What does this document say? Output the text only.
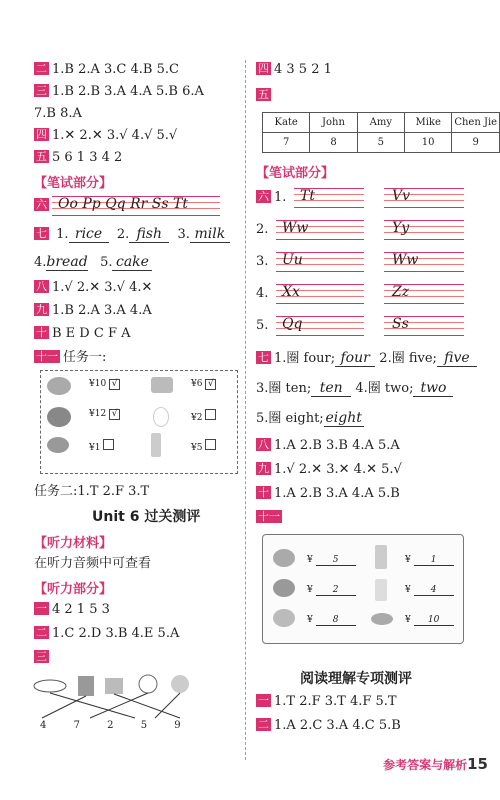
二 1.B 2.A 3.C 4.B 5.C
三 1.B 2.B 3.A 4.A 5.B 6.A
7.B 8.A
四 1.✕ 2.✕ 3.√ 4.√ 5.√
五 5 6 1 3 4 2
【笔试部分】
六 Oo Pp Qq Rr Ss Tt
七 1. rice 2. fish 3. milk
4.bread 5. cake
八 1.√ 2.✕ 3.√ 4.✕
九 1.B 2.A 3.A 4.A
十 B E D C F A
十一 任务一:
¥10 √	¥6 √
¥12 √	¥2
¥1	¥5
任务二:1.T 2.F 3.T
Unit 6 过关测评
【听力材料】
在听力音频中可查看
【听力部分】
一 4 2 1 5 3
二 1.C 2.D 3.B 4.E 5.A
三
4	7	2	5	9
四 4 3 5 2 1
五
Kate	John	Amy	Mike	Chen Jie
7	8	5	10	9
【笔试部分】
六 1. Tt	Vv
2. Ww	Yy
3. Uu	Ww
4. Xx	Zz
5. Qq	Ss
七 1.圈 four; four 2.圈 five; five
3.圈 ten; ten 4.圈 two; two
5.圈 eight; eight
八 1.A 2.B 3.B 4.A 5.A
九 1.√ 2.✕ 3.✕ 4.✕ 5.√
十 1.A 2.B 3.A 4.A 5.B
十一
¥ 5	¥ 1
¥ 2	¥ 4
¥ 8	¥ 10
阅读理解专项测评
一 1.T 2.F 3.T 4.F 5.T
二 1.A 2.C 3.A 4.C 5.B
参考答案与解析15
